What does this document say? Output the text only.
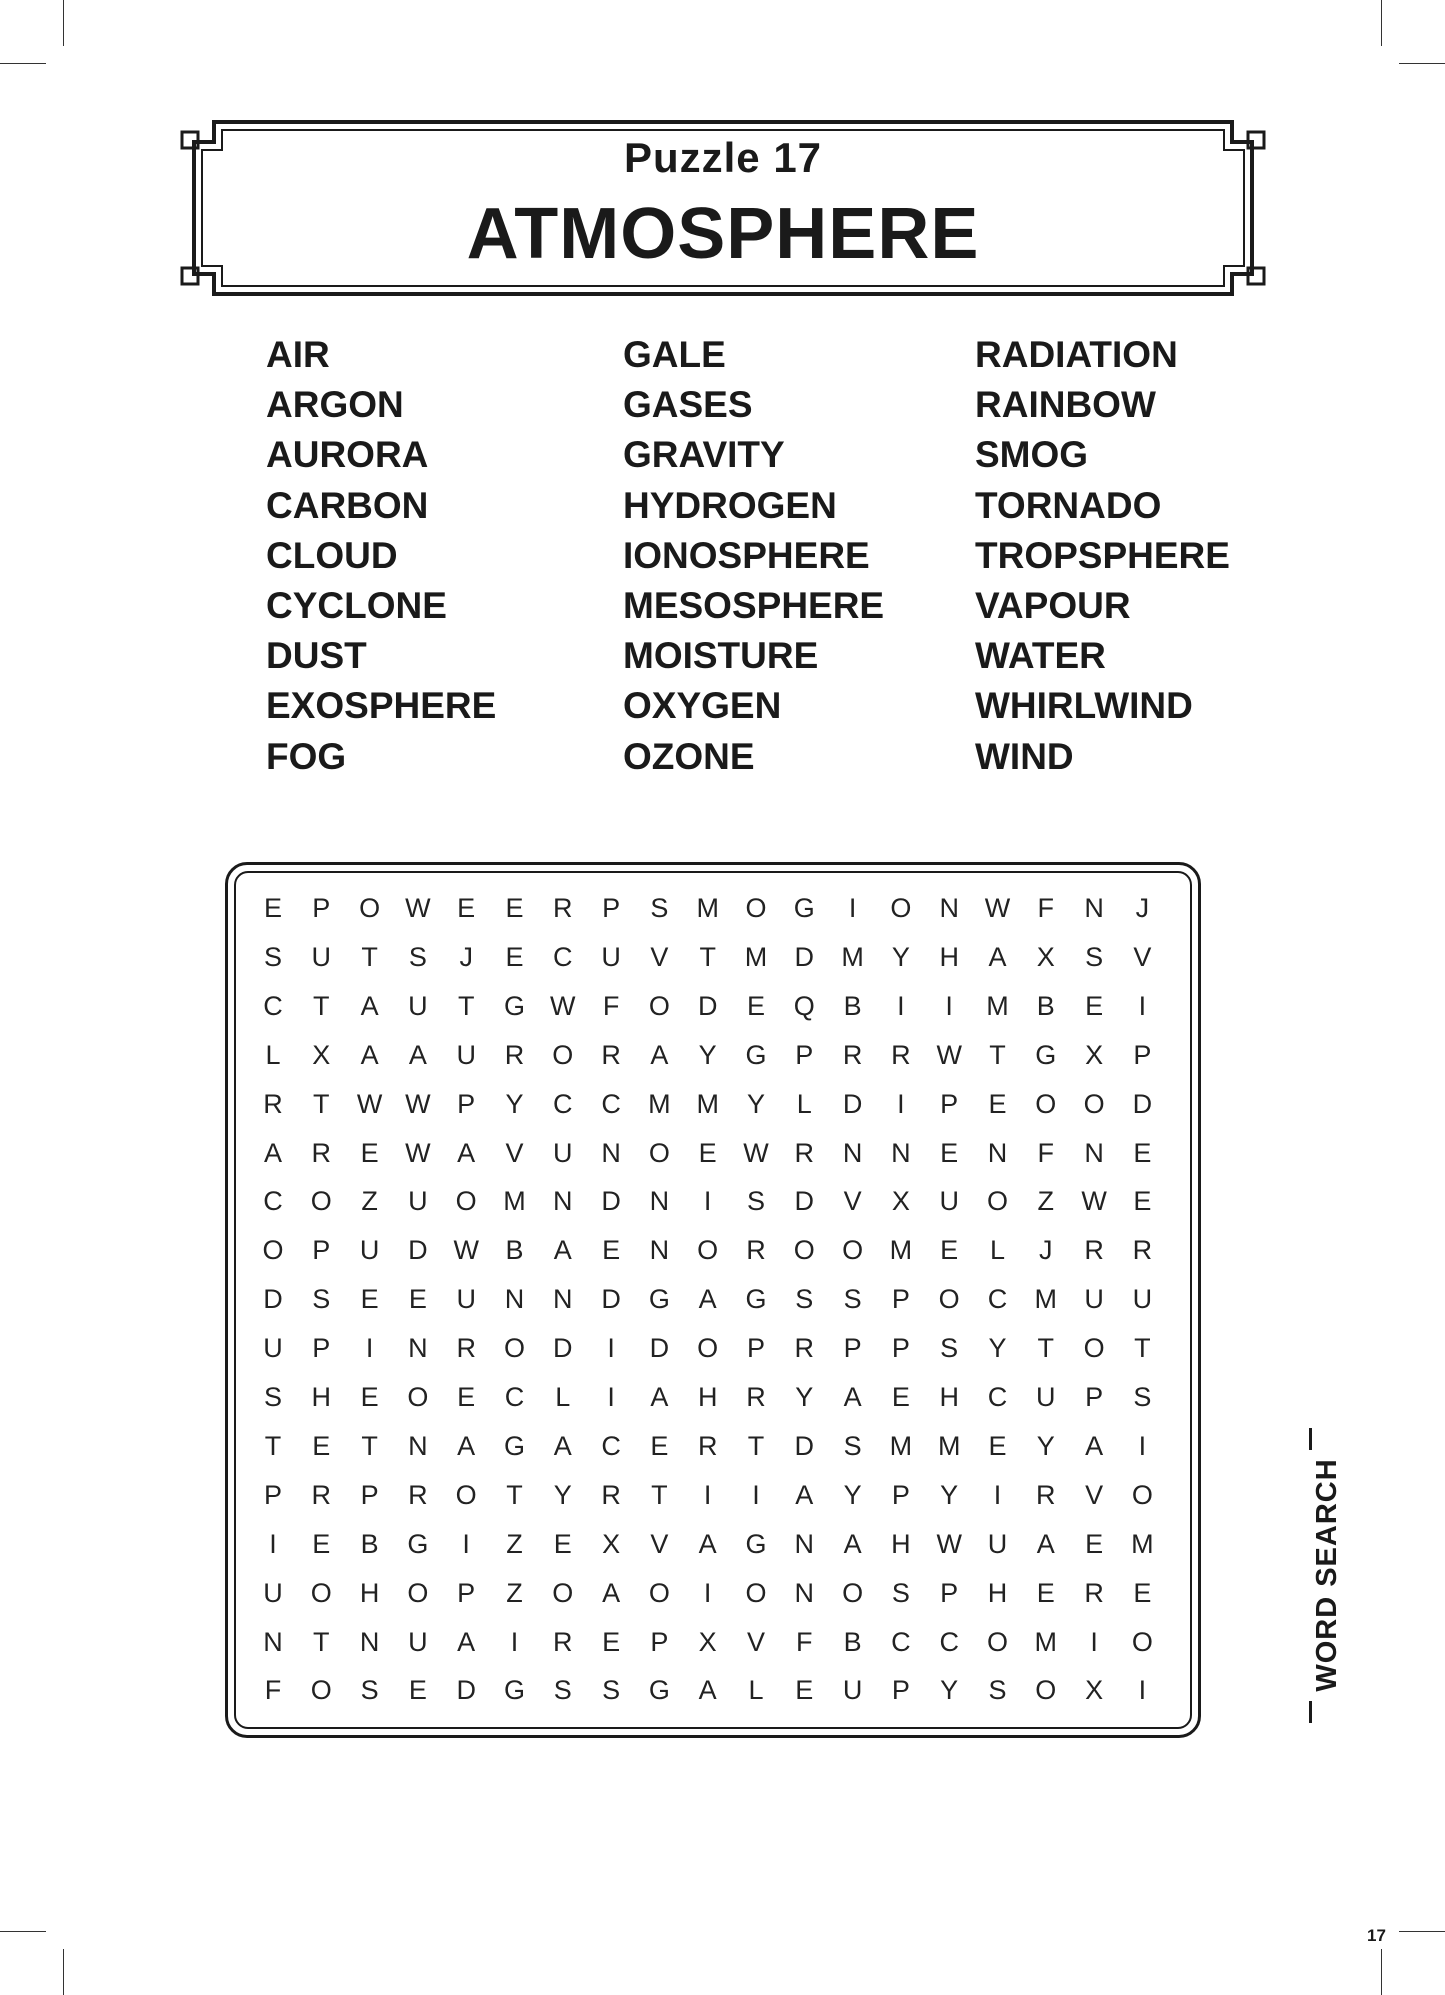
Puzzle 17
ATMOSPHERE
AIR
ARGON
AURORA
CARBON
CLOUD
CYCLONE
DUST
EXOSPHERE
FOG
GALE
GASES
GRAVITY
HYDROGEN
IONOSPHERE
MESOSPHERE
MOISTURE
OXYGEN
OZONE
RADIATION
RAINBOW
SMOG
TORNADO
TROPSPHERE
VAPOUR
WATER
WHIRLWIND
WIND
E	P	O W E	E	R	P	S	M O	G	I	O	N W	F	N	J
S	U	T	S	J	E	C	U	V	T	M	D	M	Y	H	A	X	S	V
C	T	A	U	T	G W	F	O	D	E	Q	B	I	I	M	B	E	I
L	X	A	A	U	R	O	R	A	Y	G	P	R	R W	T	G	X	P
R	T	W W P	Y	C	C	M M	Y	L	D	I	P	E	O	O	D
A	R	E W A	V	U	N	O	E W R	N	N	E	N	F	N	E
C	O	Z	U	O M	N	D	N	I	S	D	V	X	U	O	Z	W E
O	P	U	D W B	A	E	N	O	R	O	O M	E	L	J	R	R
D	S	E	E	U	N	N	D	G	A	G	S	S	P	O	C	M	U	U
U	P	I	N	R	O	D	I	D	O	P	R	P	P	S	Y	T	O	T
S	H	E	O	E	C	L	I	A	H	R	Y	A	E	H	C	U	P	S
T	E	T	N	A	G	A	C	E	R	T	D	S	M M	E	Y	A	I
P	R	P	R	O	T	Y	R	T	I	I	A	Y	P	Y	I	R	V	O
I	E	B	G	I	Z	E	X	V	A	G	N	A	H W U	A	E	M
U	O	H	O	P	Z	O	A	O	I	O	N	O	S	P	H	E	R	E
N	T	N	U	A	I	R	E	P	X	V	F	B	C	C	O M	I	O
F	O	S	E	D	G	S	S	G	A	L	E	U	P	Y	S	O	X	I	WORD SEARCH
17
